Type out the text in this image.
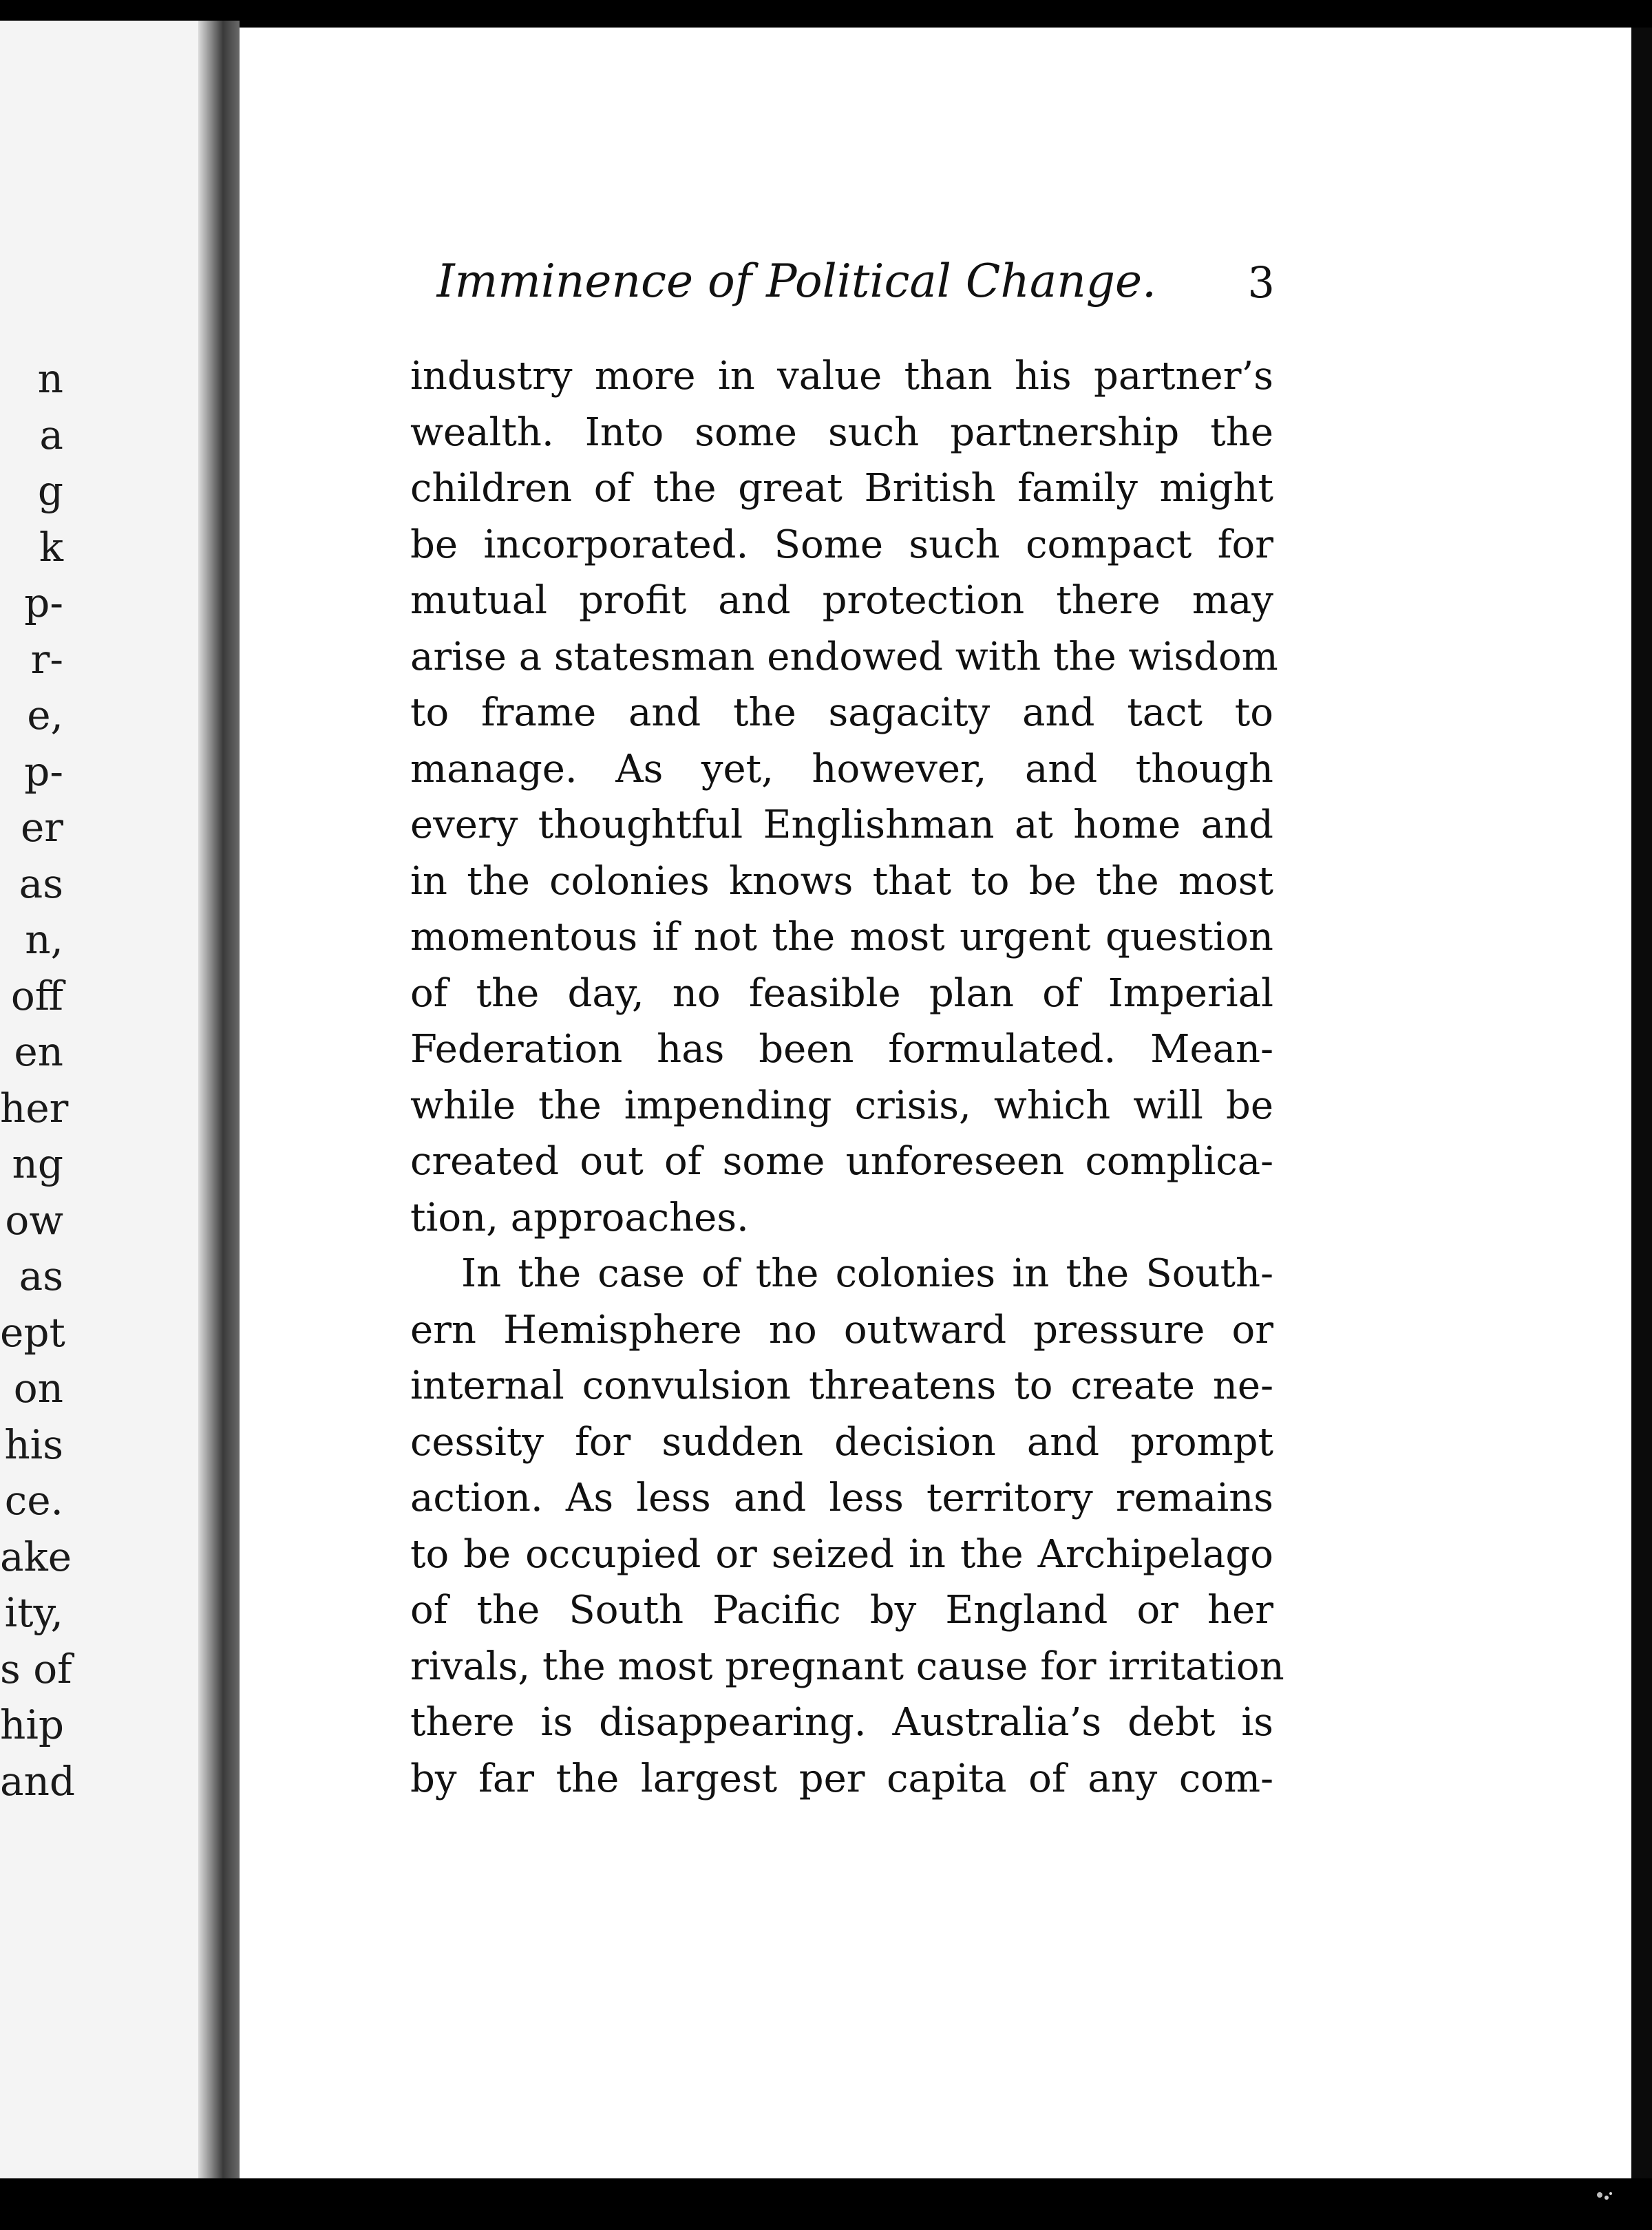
n
a
g
k
p-
r-
e,
p-
er
as
n,
off
en
her
ng
ow
as
ept
on
his
ce.
ake
ity,
s of
hip
and
Imminence of Political Change. 3
industry more in value than his partner’s
wealth. Into some such partnership the
children of the great British family might
be incorporated. Some such compact for
mutual profit and protection there may
arise a statesman endowed with the wisdom
to frame and the sagacity and tact to
manage. As yet, however, and though
every thoughtful Englishman at home and
in the colonies knows that to be the most
momentous if not the most urgent question
of the day, no feasible plan of Imperial
Federation has been formulated. Mean-
while the impending crisis, which will be
created out of some unforeseen complica-
tion, approaches.
In the case of the colonies in the South-
ern Hemisphere no outward pressure or
internal convulsion threatens to create ne-
cessity for sudden decision and prompt
action. As less and less territory remains
to be occupied or seized in the Archipelago
of the South Pacific by England or her
rivals, the most pregnant cause for irritation
there is disappearing. Australia’s debt is
by far the largest per capita of any com-
